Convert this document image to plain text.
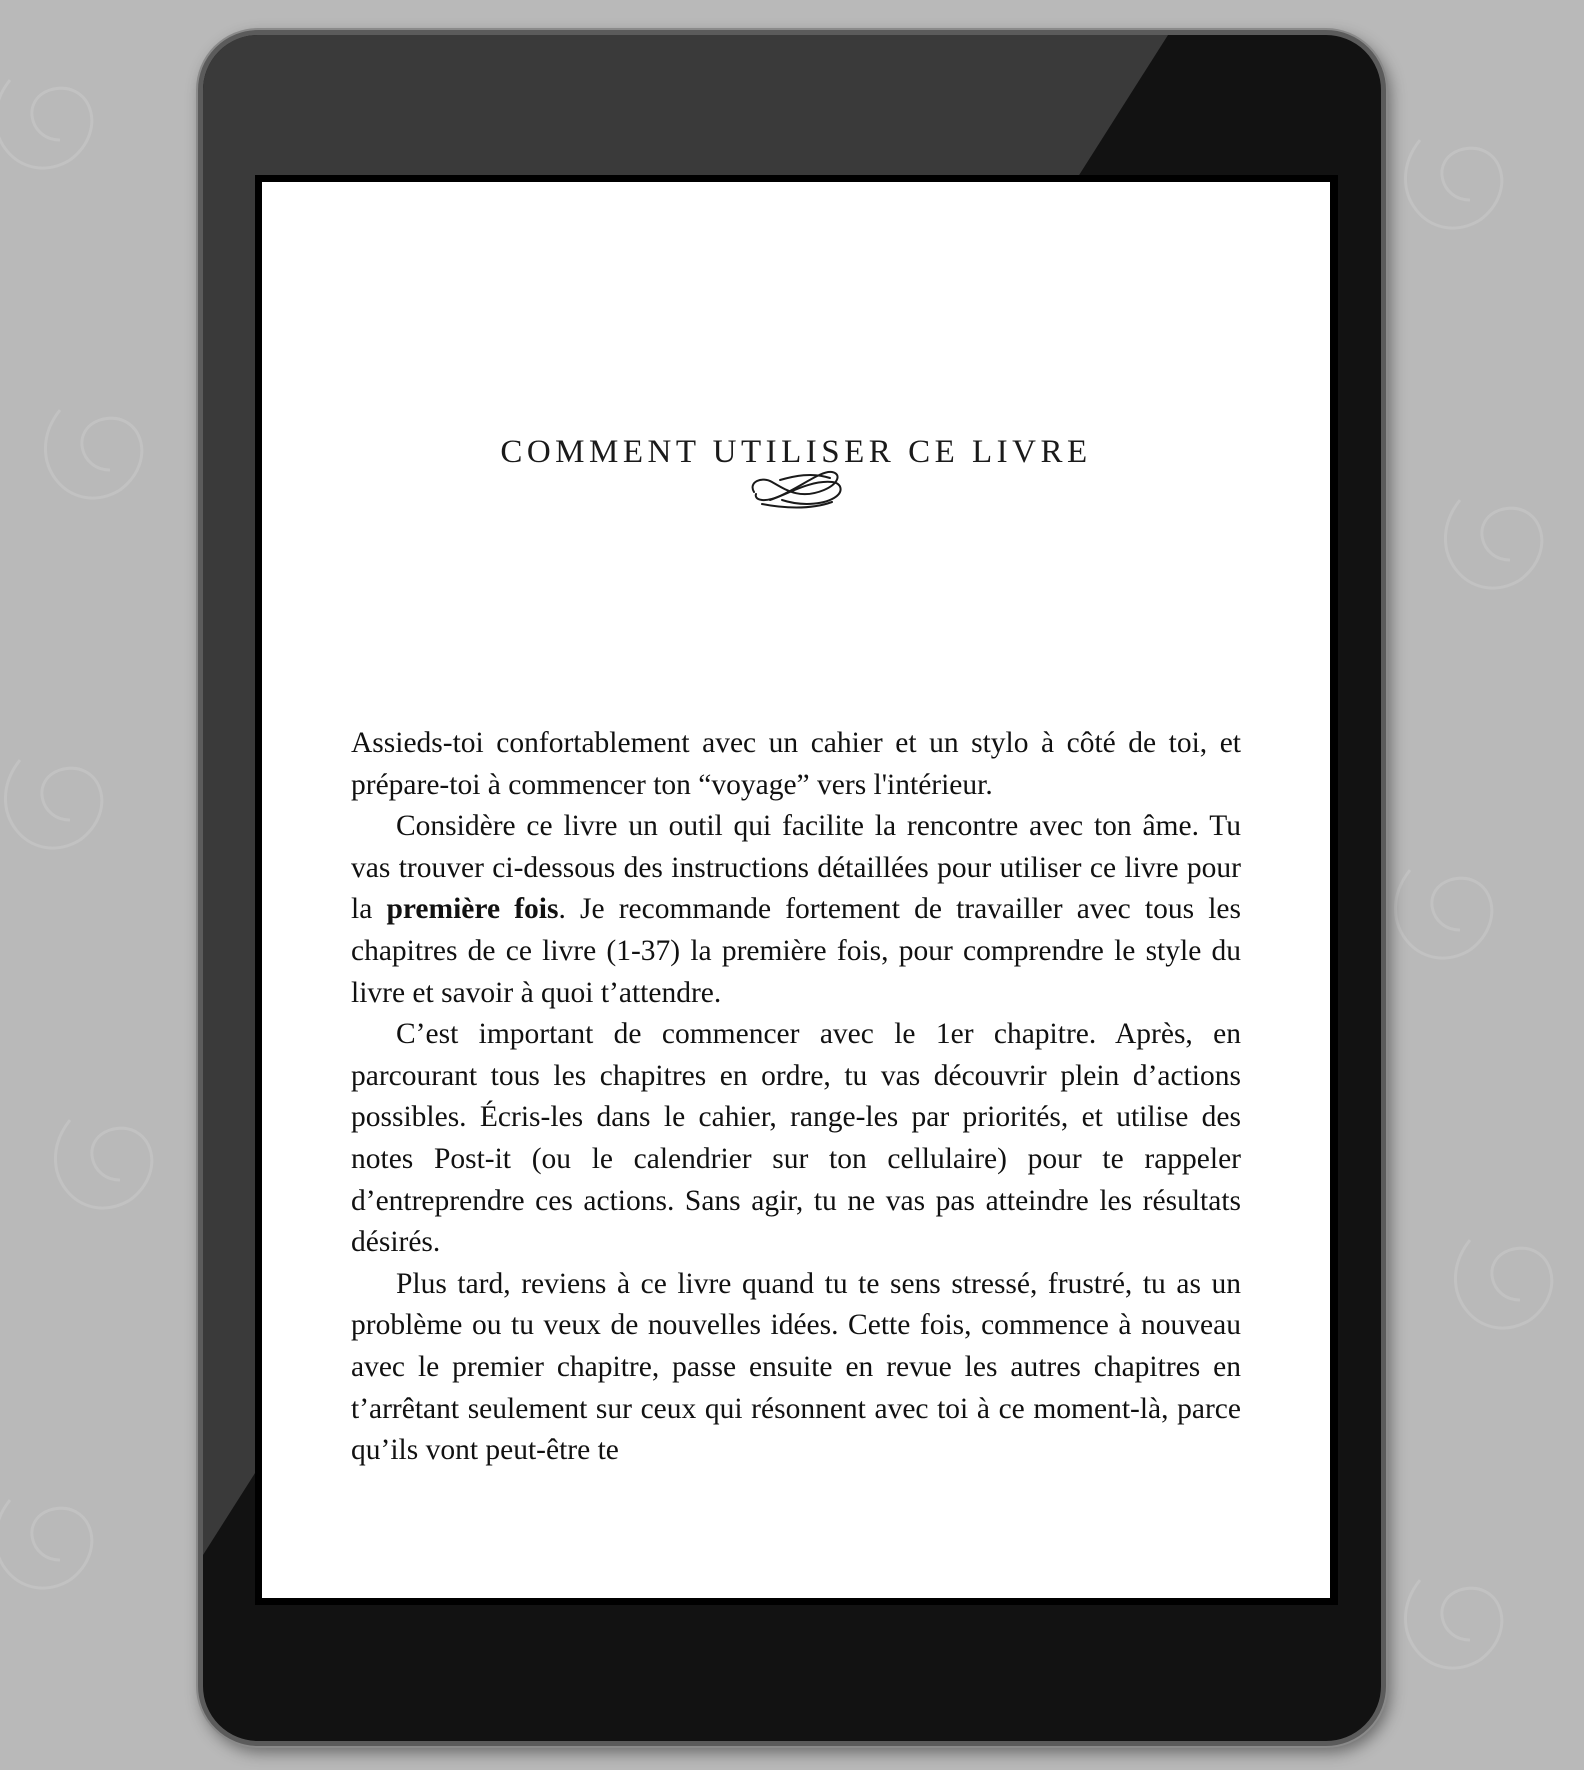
COMMENT UTILISER CE LIVRE

Assieds-toi confortablement avec un cahier et un stylo à côté de toi, et prépare-toi à commencer ton “voyage” vers l'intérieur.

Considère ce livre un outil qui facilite la rencontre avec ton âme. Tu vas trouver ci-dessous des instructions détaillées pour utiliser ce livre pour la première fois. Je recommande fortement de travailler avec tous les chapitres de ce livre (1-37) la première fois, pour comprendre le style du livre et savoir à quoi t’attendre.

C’est important de commencer avec le 1er chapitre. Après, en parcourant tous les chapitres en ordre, tu vas découvrir plein d’actions possibles. Écris-les dans le cahier, range-les par priorités, et utilise des notes Post-it (ou le calendrier sur ton cellulaire) pour te rappeler d’entreprendre ces actions. Sans agir, tu ne vas pas atteindre les résultats désirés.

Plus tard, reviens à ce livre quand tu te sens stressé, frustré, tu as un problème ou tu veux de nouvelles idées. Cette fois, commence à nouveau avec le premier chapitre, passe ensuite en revue les autres chapitres en t’arrêtant seulement sur ceux qui résonnent avec toi à ce moment-là, parce qu’ils vont peut-être te
